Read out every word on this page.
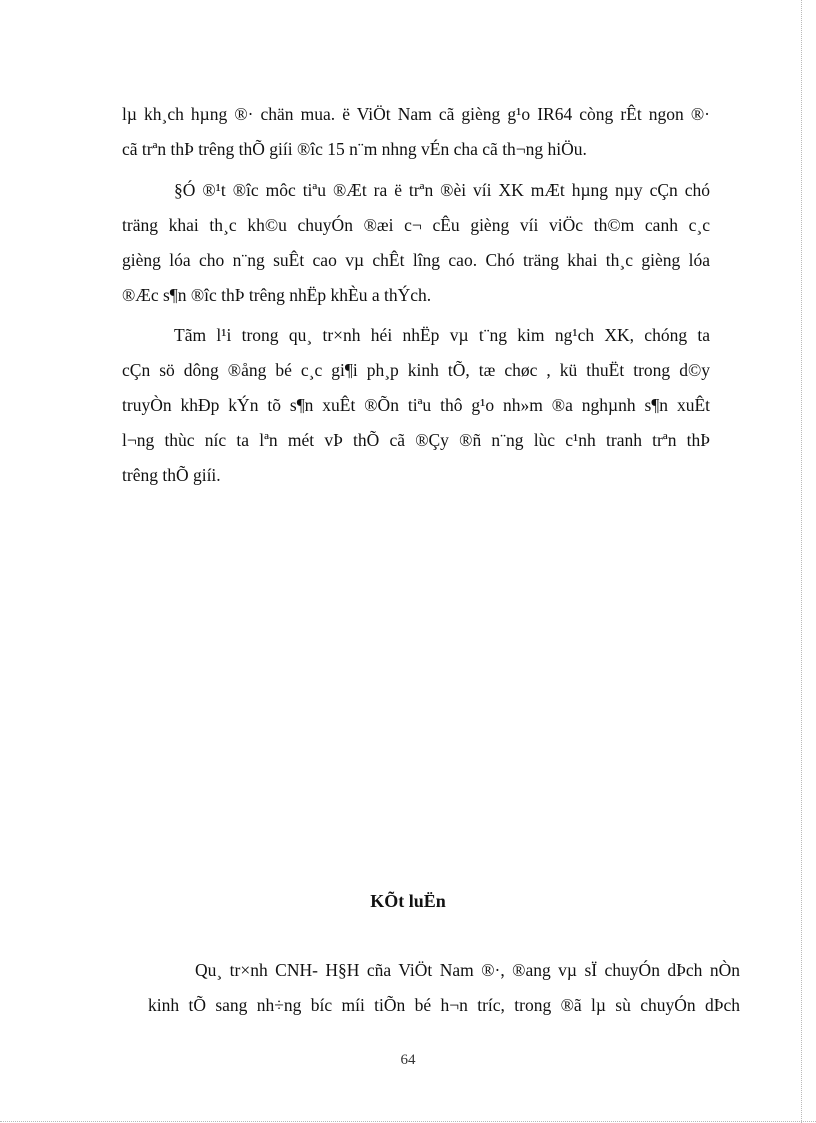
lµ kh¸ch hµng ®· chän mua. ë ViÖt Nam cã gièng g¹o IR64 còng rÊt ngon ®·
cã trªn thÞ trêng thÕ giíi ®îc 15 n¨m nhng vÉn cha cã th¬ng hiÖu.
§Ó ®¹t ®îc môc tiªu ®Æt ra ë trªn ®èi víi XK mÆt hµng nµy cÇn chó
träng khai th¸c kh©u chuyÓn ®æi c¬ cÊu gièng víi viÖc th©m canh c¸c
gièng lóa cho n¨ng suÊt cao vµ chÊt lîng cao. Chó träng khai th¸c gièng lóa
®Æc s¶n ®îc thÞ trêng nhËp khÈu a thÝch.
Tãm l¹i trong qu¸ tr×nh héi nhËp vµ t¨ng kim ng¹ch XK, chóng ta
cÇn sö dông ®ång bé c¸c gi¶i ph¸p kinh tÕ, tæ chøc , kü thuËt trong d©y
truyÒn khÐp kÝn tõ s¶n xuÊt ®Õn tiªu thô g¹o nh»m ®a nghµnh s¶n xuÊt
l¬ng thùc níc ta lªn mét vÞ thÕ cã ®Çy ®ñ n¨ng lùc c¹nh tranh trªn thÞ
trêng thÕ giíi.
KÕt luËn
Qu¸ tr×nh CNH- H§H cña ViÖt Nam ®·, ®ang vµ sÏ chuyÓn dÞch nÒn
kinh tÕ sang nh÷ng bíc míi tiÕn bé h¬n tríc, trong ®ã lµ sù chuyÓn dÞch
64
